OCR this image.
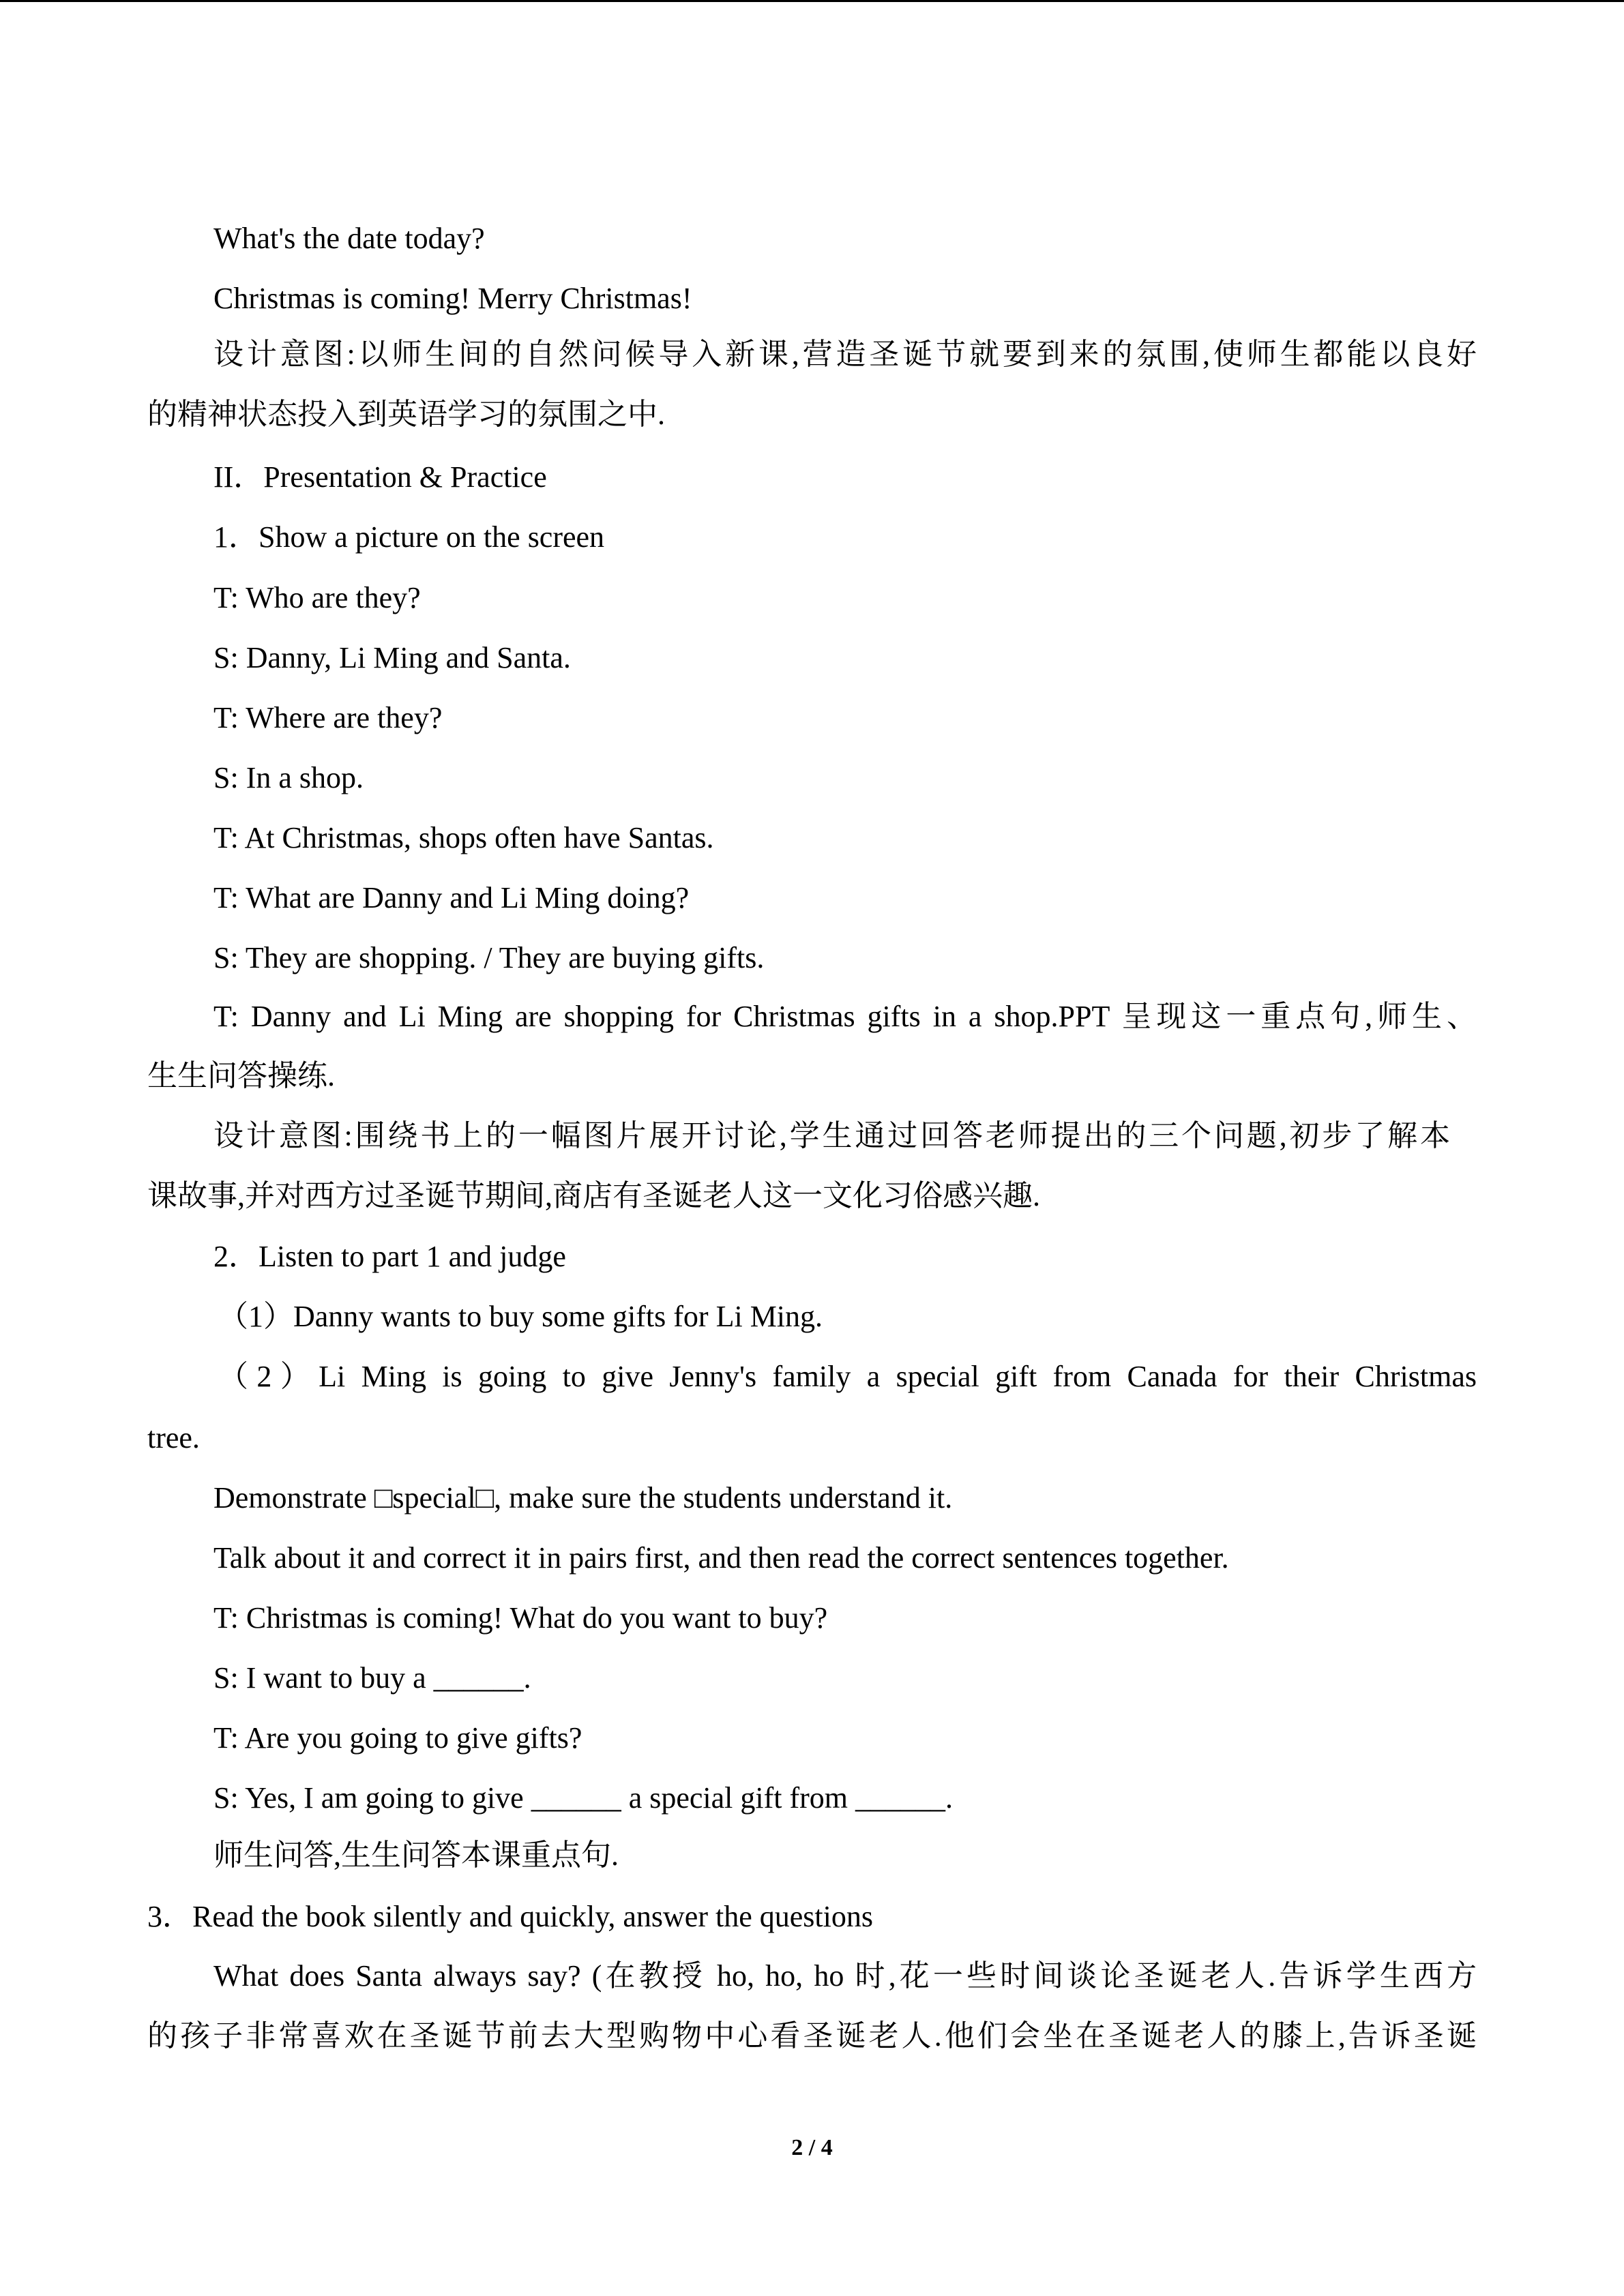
What's the date today?
Christmas is coming! Merry Christmas!
设计意图:以师生间的自然问候导入新课,营造圣诞节就要到来的氛围,使师生都能以良好
的精神状态投入到英语学习的氛围之中.
II．Presentation & Practice
1．Show a picture on the screen
T: Who are they?
S: Danny, Li Ming and Santa.
T: Where are they?
S: In a shop.
T: At Christmas, shops often have Santas.
T: What are Danny and Li Ming doing?
S: They are shopping. / They are buying gifts.
T: Danny and Li Ming are shopping for Christmas gifts in a shop.PPT 呈现这一重点句,师生、
生生问答操练.
设计意图:围绕书上的一幅图片展开讨论,学生通过回答老师提出的三个问题,初步了解本
课故事,并对西方过圣诞节期间,商店有圣诞老人这一文化习俗感兴趣.
2．Listen to part 1 and judge
（1）Danny wants to buy some gifts for Li Ming.
（2）Li Ming is going to give Jenny's family a special gift from Canada for their Christmas
tree.
Demonstrate □special□, make sure the students understand it.
Talk about it and correct it in pairs first, and then read the correct sentences together.
T: Christmas is coming! What do you want to buy?
S: I want to buy a ______.
T: Are you going to give gifts?
S: Yes, I am going to give ______ a special gift from ______.
师生问答,生生问答本课重点句.
3．Read the book silently and quickly, answer the questions
What does Santa always say? (在教授 ho, ho, ho 时,花一些时间谈论圣诞老人.告诉学生西方
的孩子非常喜欢在圣诞节前去大型购物中心看圣诞老人.他们会坐在圣诞老人的膝上,告诉圣诞
2 / 4
